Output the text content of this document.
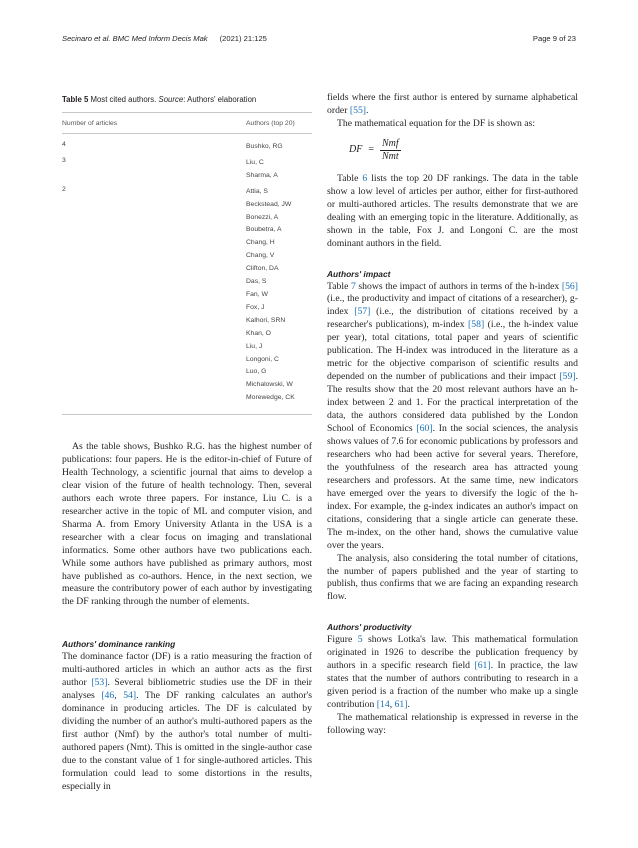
Secinaro et al. BMC Med Inform Decis Mak (2021) 21:125	Page 9 of 23
Table 5 Most cited authors. Source: Authors' elaboration
Number of articles	Authors (top 20)
4	Bushko, RG
3	Liu, C
Sharma, A
2	Attia, S
Beckstead, JW
Bonezzi, A
Boubetra, A
Chang, H
Chang, V
Clifton, DA
Das, S
Fan, W
Fox, J
Kalhori, SRN
Khan, O
Liu, J
Longoni, C
Luo, G
Michalowski, W
Morewedge, CK

As the table shows, Bushko R.G. has the highest number of publications: four papers. He is the editor-in-chief of Future of Health Technology, a scientific journal that aims to develop a clear vision of the future of health technology. Then, several authors each wrote three papers. For instance, Liu C. is a researcher active in the topic of ML and computer vision, and Sharma A. from Emory University Atlanta in the USA is a researcher with a clear focus on imaging and translational informatics. Some other authors have two publications each. While some authors have published as primary authors, most have published as co-authors. Hence, in the next section, we measure the contributory power of each author by investigating the DF ranking through the number of elements.

Authors' dominance ranking

The dominance factor (DF) is a ratio measuring the fraction of multi-authored articles in which an author acts as the first author [53]. Several bibliometric studies use the DF in their analyses [46, 54]. The DF ranking calculates an author's dominance in producing articles. The DF is calculated by dividing the number of an author's multi-authored papers as the first author (Nmf) by the author's total number of multi-authored papers (Nmt). This is omitted in the single-author case due to the constant value of 1 for single-authored articles. This formulation could lead to some distortions in the results, especially in

fields where the first author is entered by surname alphabetical order [55].

The mathematical equation for the DF is shown as:

DF = $\frac{\text{Nmf}}{\text{Nmt}}$

Table 6 lists the top 20 DF rankings. The data in the table show a low level of articles per author, either for first-authored or multi-authored articles. The results demonstrate that we are dealing with an emerging topic in the literature. Additionally, as shown in the table, Fox J. and Longoni C. are the most dominant authors in the field.

Authors' impact

Table 7 shows the impact of authors in terms of the h-index [56] (i.e., the productivity and impact of citations of a researcher), g-index [57] (i.e., the distribution of citations received by a researcher's publications), m-index [58] (i.e., the h-index value per year), total citations, total paper and years of scientific publication. The H-index was introduced in the literature as a metric for the objective comparison of scientific results and depended on the number of publications and their impact [59]. The results show that the 20 most relevant authors have an h-index between 2 and 1. For the practical interpretation of the data, the authors considered data published by the London School of Economics [60]. In the social sciences, the analysis shows values of 7.6 for economic publications by professors and researchers who had been active for several years. Therefore, the youthfulness of the research area has attracted young researchers and professors. At the same time, new indicators have emerged over the years to diversify the logic of the h-index. For example, the g-index indicates an author's impact on citations, considering that a single article can generate these. The m-index, on the other hand, shows the cumulative value over the years.

The analysis, also considering the total number of citations, the number of papers published and the year of starting to publish, thus confirms that we are facing an expanding research flow.

Authors' productivity

Figure 5 shows Lotka's law. This mathematical formulation originated in 1926 to describe the publication frequency by authors in a specific research field [61]. In practice, the law states that the number of authors contributing to research in a given period is a fraction of the number who make up a single contribution [14, 61].

The mathematical relationship is expressed in reverse in the following way:
